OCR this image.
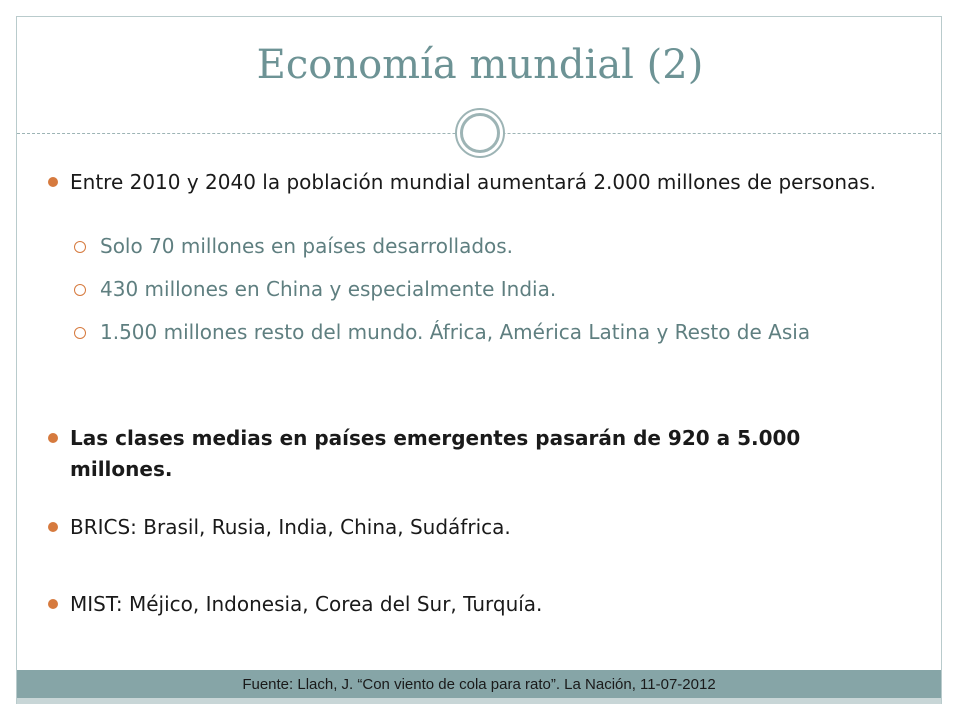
Economía mundial (2)
Entre 2010 y 2040 la población mundial aumentará 2.000 millones de personas.
Solo 70 millones en países desarrollados.
430 millones en China y especialmente India.
1.500 millones resto del mundo. África, América Latina y Resto de Asia
Las clases medias en países emergentes pasarán de 920 a 5.000 millones.
BRICS: Brasil, Rusia, India, China, Sudáfrica.
MIST: Méjico, Indonesia, Corea del Sur, Turquía.
Fuente: Llach, J. “Con viento de cola para rato”. La Nación, 11-07-2012
